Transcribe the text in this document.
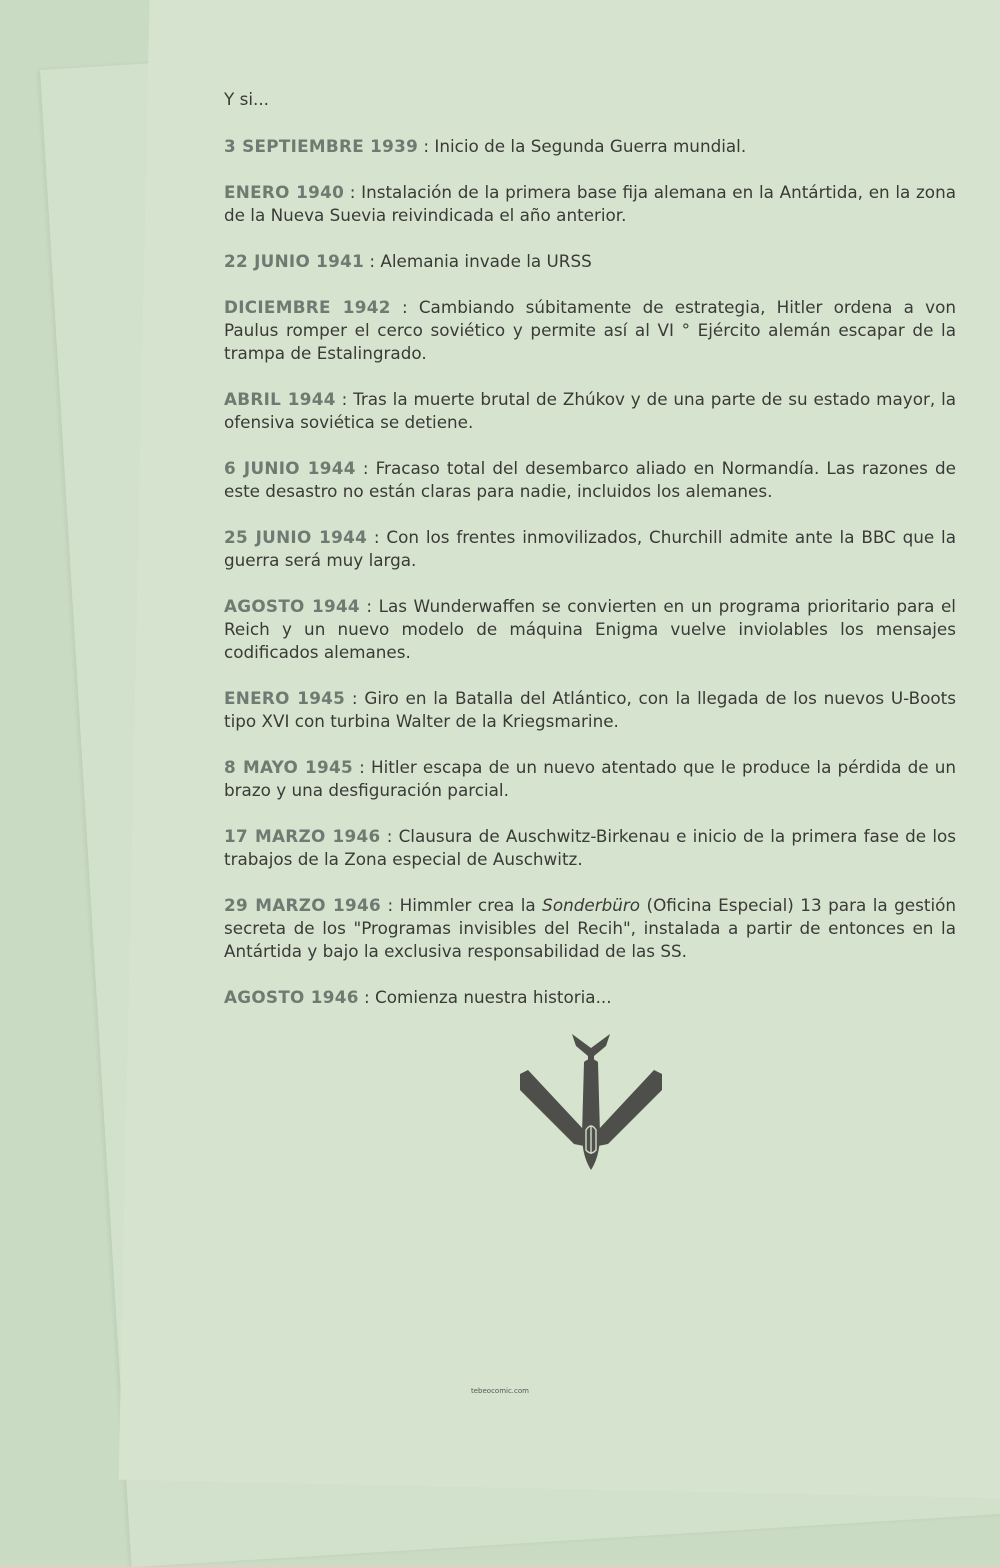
Y si...

3 SEPTIEMBRE 1939 : Inicio de la Segunda Guerra mundial.

ENERO 1940 : Instalación de la primera base fija alemana en la Antártida, en la zona de la Nueva Suevia reivindicada el año anterior.

22 JUNIO 1941 : Alemania invade la URSS

DICIEMBRE 1942 : Cambiando súbitamente de estrategia, Hitler ordena a von Paulus romper el cerco soviético y permite así al VI ° Ejército alemán escapar de la trampa de Estalingrado.

ABRIL 1944 : Tras la muerte brutal de Zhúkov y de una parte de su estado mayor, la ofensiva soviética se detiene.

6 JUNIO 1944 : Fracaso total del desembarco aliado en Normandía. Las razones de este desastro no están claras para nadie, incluidos los alemanes.

25 JUNIO 1944 : Con los frentes inmovilizados, Churchill admite ante la BBC que la guerra será muy larga.

AGOSTO 1944 : Las Wunderwaffen se convierten en un programa prioritario para el Reich y un nuevo modelo de máquina Enigma vuelve inviolables los mensajes codificados alemanes.

ENERO 1945 : Giro en la Batalla del Atlántico, con la llegada de los nuevos U-Boots tipo XVI con turbina Walter de la Kriegsmarine.

8 MAYO 1945 : Hitler escapa de un nuevo atentado que le produce la pérdida de un brazo y una desfiguración parcial.

17 MARZO 1946 : Clausura de Auschwitz-Birkenau e inicio de la primera fase de los trabajos de la Zona especial de Auschwitz.

29 MARZO 1946 : Himmler crea la Sonderbüro (Oficina Especial) 13 para la gestión secreta de los "Programas invisibles del Recih", instalada a partir de entonces en la Antártida y bajo la exclusiva responsabilidad de las SS.

AGOSTO 1946 : Comienza nuestra historia...

tebeocomic.com
